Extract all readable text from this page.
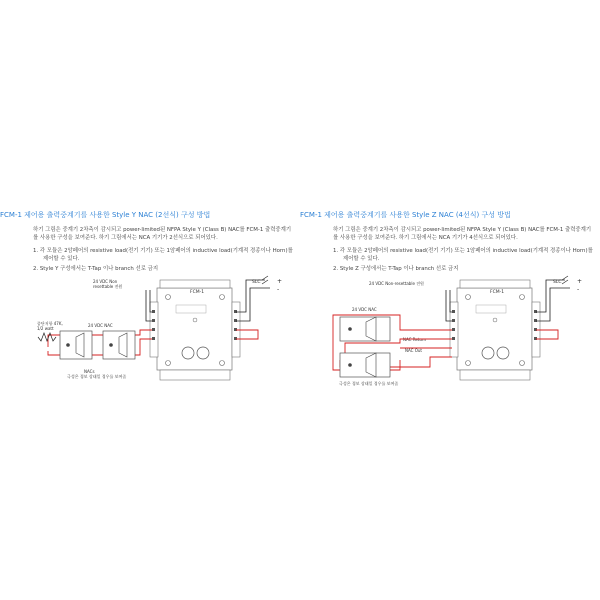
FCM-1 제어용 출력중계기를 사용한 Style Y NAC (2선식) 구성 방법
하기 그림은 중계기 2차측이 감시되고 power-limited된 NFPA Style Y (Class B) NAC를 FCM-1 출력중계기를 사용한 구성을 보여준다. 하기 그림에서는 NCA 기기가 2선식으로 되어있다.
1. 각 모듈은 2암페어의 resistive load(전기 기기) 또는 1암페어의 inductive load(기계적 경종이나 Horn)를
제어할 수 있다.
2. Style Y 구성에서는 T-Tap 이나 branch 선로 금지
FCM-1
24 VDC Non
resettable 전원
SLC
24 VDC NAC
종단저항 47K,
1/2 watt
NACs
극성은 경보 상태일 경우를 보여줌
+
-
FCM-1 제어용 출력중계기를 사용한 Style Z NAC (4선식) 구성 방법
하기 그림은 중계기 2차측이 감시되고 power-limited된 NFPA Style Y (Class B) NAC를 FCM-1 출력중계기를 사용한 구성을 보여준다. 하기 그림에서는 NCA 기기가 4선식으로 되어있다.
1. 각 모듈은 2암페어의 resistive load(전기 기기) 또는 1암페어의 inductive load(기계적 경종이나 Horn)를
제어할 수 있다.
2. Style Z 구성에서는 T-Tap 이나 branch 선로 금지
FCM-1
24 VDC Non-resettable 전원	SLC
24 VDC NAC
NAC Return
NAC Out
극성은 경보 상태일 경우를 보여줌
+
-
